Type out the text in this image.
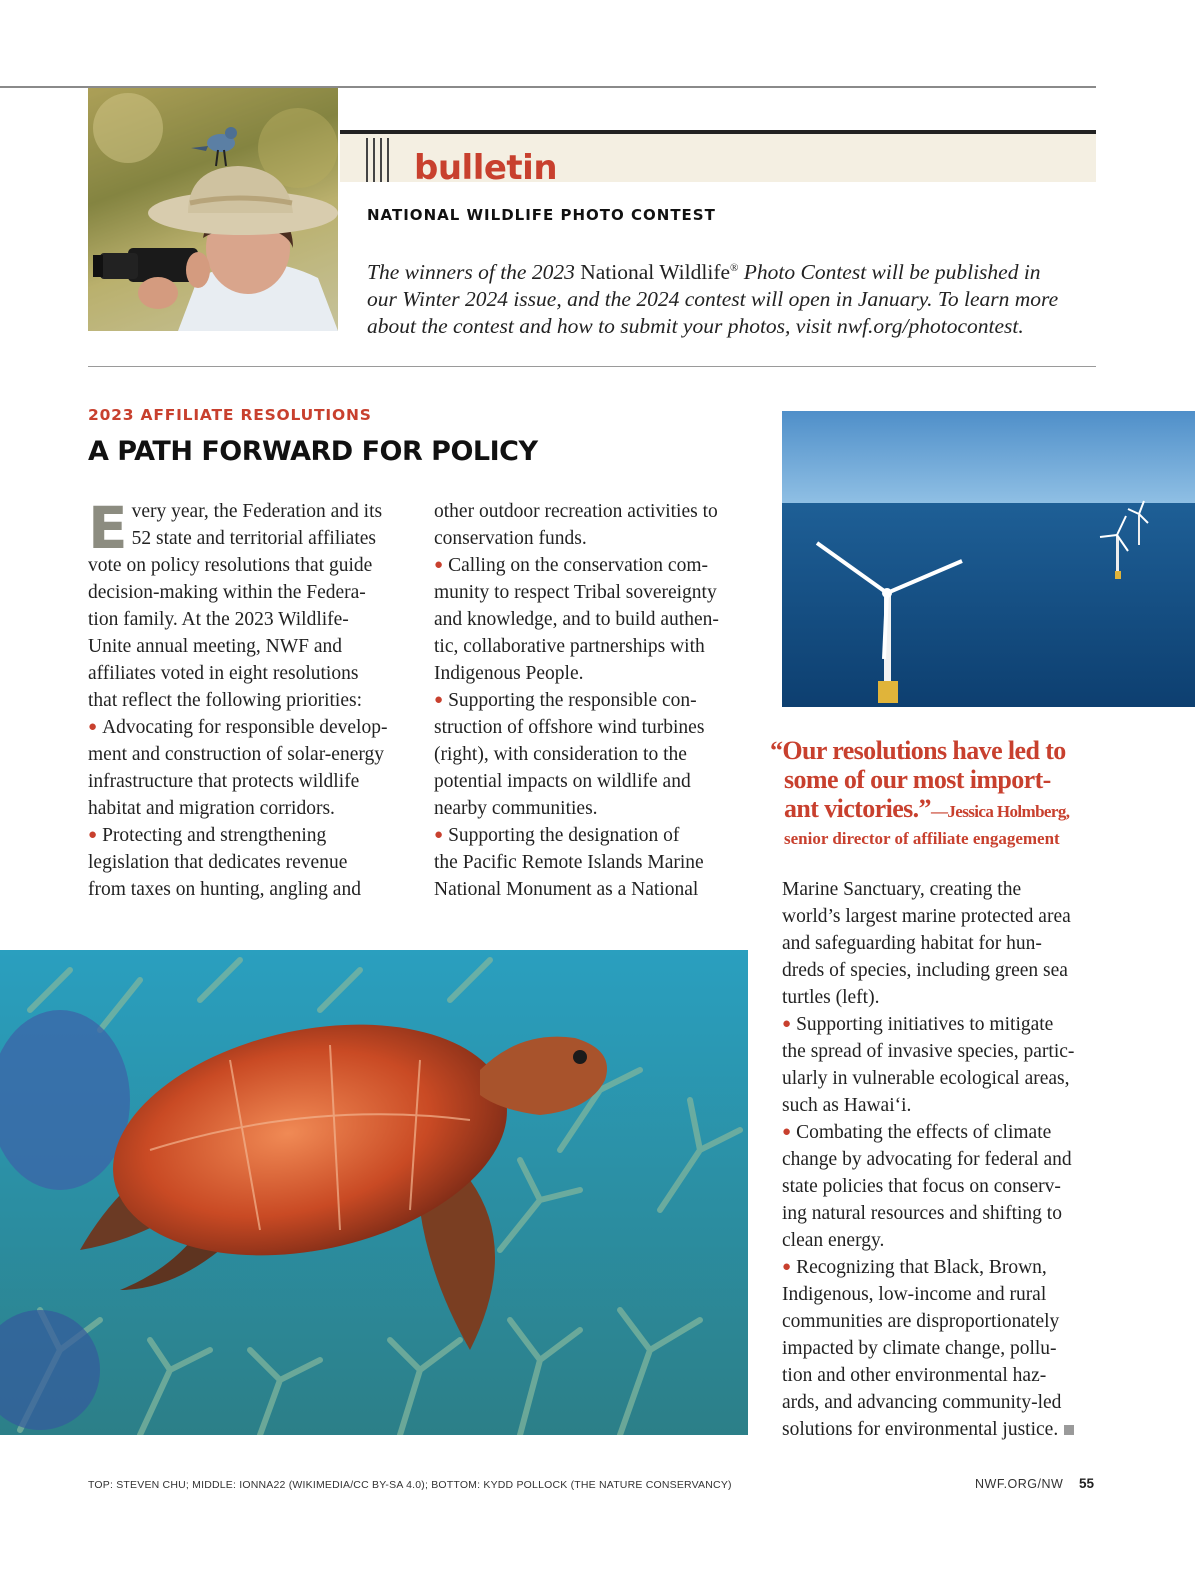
bulletin
NATIONAL WILDLIFE PHOTO CONTEST
The winners of the 2023 National Wildlife® Photo Contest will be published in
our Winter 2024 issue, and the 2024 contest will open in January. To learn more
about the contest and how to submit your photos, visit nwf.org/photocontest.
2023 AFFILIATE RESOLUTIONS
A PATH FORWARD FOR POLICY
E very year, the Federation and its
52 state and territorial affiliates
vote on policy resolutions that guide
decision-making within the Federa-
tion family. At the 2023 Wildlife-
Unite annual meeting, NWF and
affiliates voted in eight resolutions
that reflect the following priorities:
● Advocating for responsible develop-
ment and construction of solar-energy
infrastructure that protects wildlife
habitat and migration corridors.
● Protecting and strengthening
legislation that dedicates revenue
from taxes on hunting, angling and
other outdoor recreation activities to
conservation funds.
● Calling on the conservation com-
munity to respect Tribal sovereignty
and knowledge, and to build authen-
tic, collaborative partnerships with
Indigenous People.
● Supporting the responsible con-
struction of offshore wind turbines
(right), with consideration to the
potential impacts on wildlife and
nearby communities.
● Supporting the designation of
the Pacific Remote Islands Marine
National Monument as a National
“Our resolutions have led to
some of our most import-
ant victories.”—Jessica Holmberg,
senior director of affiliate engagement
Marine Sanctuary, creating the
world’s largest marine protected area
and safeguarding habitat for hun-
dreds of species, including green sea
turtles (left).
● Supporting initiatives to mitigate
the spread of invasive species, partic-
ularly in vulnerable ecological areas,
such as Hawai‘i.
● Combating the effects of climate
change by advocating for federal and
state policies that focus on conserv-
ing natural resources and shifting to
clean energy.
● Recognizing that Black, Brown,
Indigenous, low-income and rural
communities are disproportionately
impacted by climate change, pollu-
tion and other environmental haz-
ards, and advancing community-led
solutions for environmental justice.
TOP: STEVEN CHU; MIDDLE: IONNA22 (WIKIMEDIA/CC BY-SA 4.0); BOTTOM: KYDD POLLOCK (THE NATURE CONSERVANCY)	NWF.ORG/NW 55
